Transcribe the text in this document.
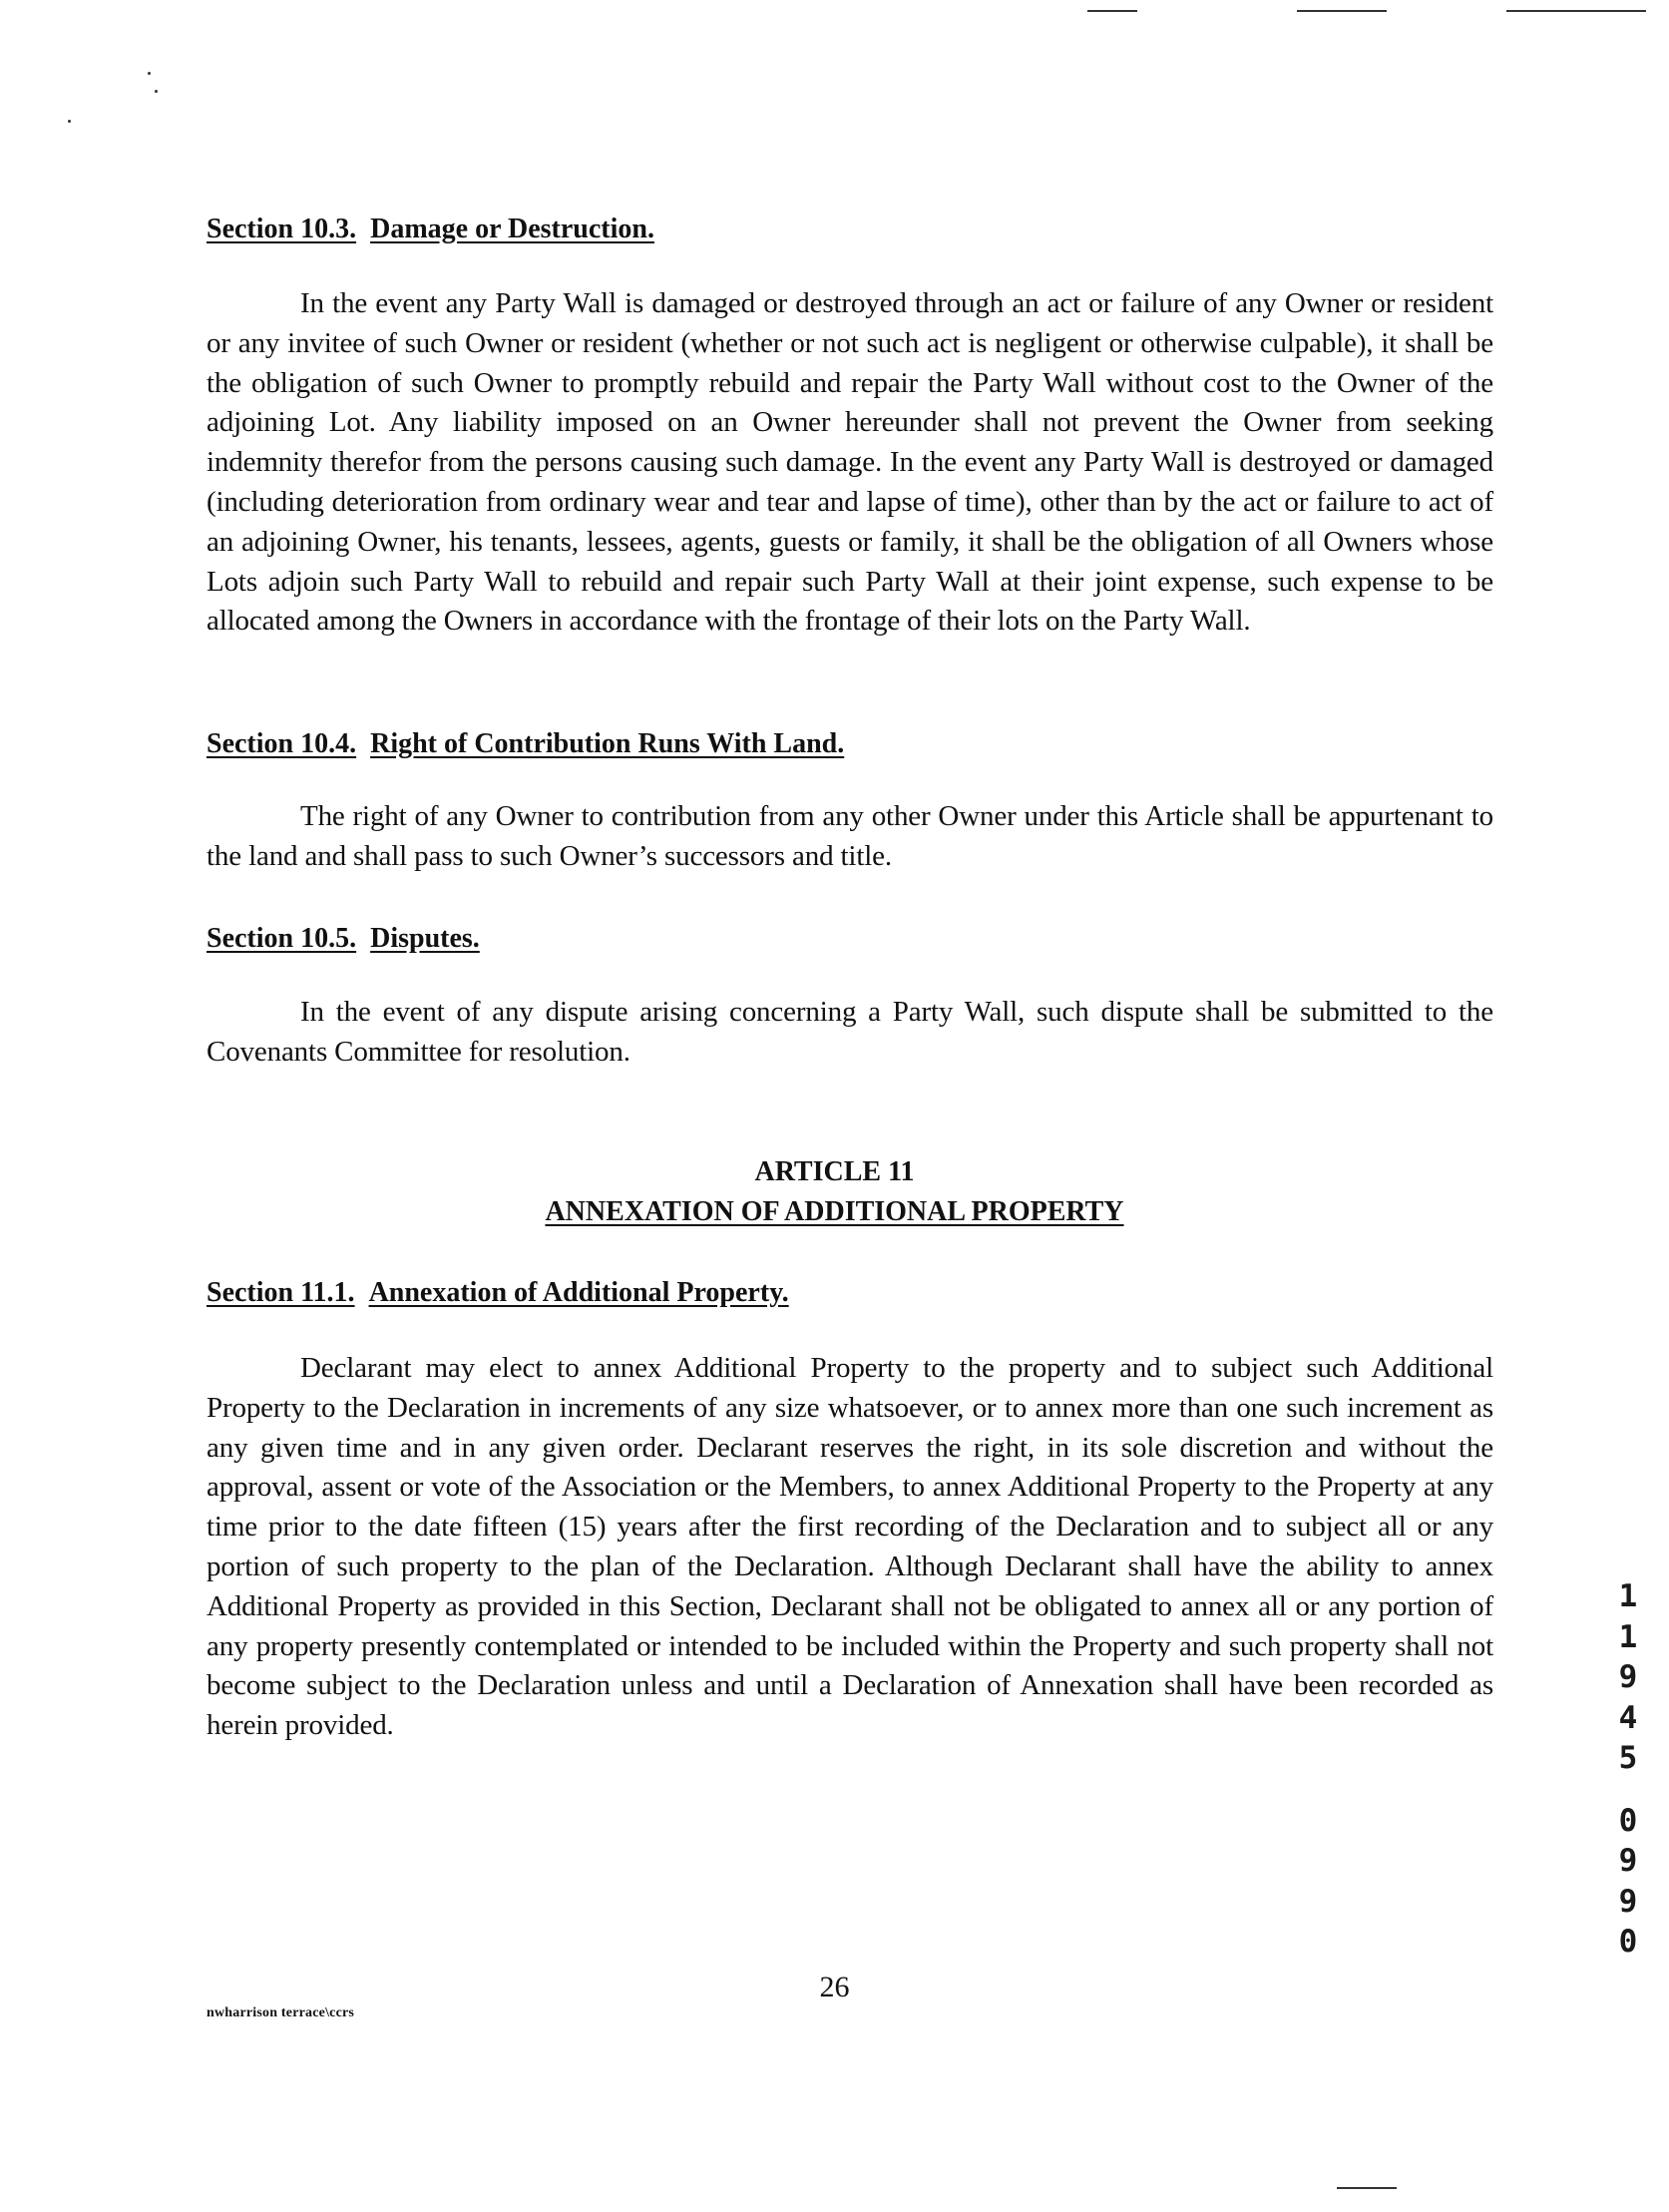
Section 10.3. Damage or Destruction.

In the event any Party Wall is damaged or destroyed through an act or failure of any Owner or resident or any invitee of such Owner or resident (whether or not such act is negligent or otherwise culpable), it shall be the obligation of such Owner to promptly rebuild and repair the Party Wall without cost to the Owner of the adjoining Lot. Any liability imposed on an Owner hereunder shall not prevent the Owner from seeking indemnity therefor from the persons causing such damage. In the event any Party Wall is destroyed or damaged (including deterioration from ordinary wear and tear and lapse of time), other than by the act or failure to act of an adjoining Owner, his tenants, lessees, agents, guests or family, it shall be the obligation of all Owners whose Lots adjoin such Party Wall to rebuild and repair such Party Wall at their joint expense, such expense to be allocated among the Owners in accordance with the frontage of their lots on the Party Wall.

Section 10.4. Right of Contribution Runs With Land.

The right of any Owner to contribution from any other Owner under this Article shall be appurtenant to the land and shall pass to such Owner’s successors and title.

Section 10.5. Disputes.

In the event of any dispute arising concerning a Party Wall, such dispute shall be submitted to the Covenants Committee for resolution.

ARTICLE 11
ANNEXATION OF ADDITIONAL PROPERTY
Section 11.1. Annexation of Additional Property.

Declarant may elect to annex Additional Property to the property and to subject such Additional Property to the Declaration in increments of any size whatsoever, or to annex more than one such increment as any given time and in any given order. Declarant reserves the right, in its sole discretion and without the approval, assent or vote of the Association or the Members, to annex Additional Property to the Property at any time prior to the date fifteen (15) years after the first recording of the Declaration and to subject all or any portion of such property to the plan of the Declaration. Although Declarant shall have the ability to annex Additional Property as provided in this Section, Declarant shall not be obligated to annex all or any portion of any property presently contemplated or intended to be included within the Property and such property shall not become subject to the Declaration unless and until a Declaration of Annexation shall have been recorded as herein provided.

1
1
9
4
5
0
9
9
0
nwharrison terrace\ccrs
26
